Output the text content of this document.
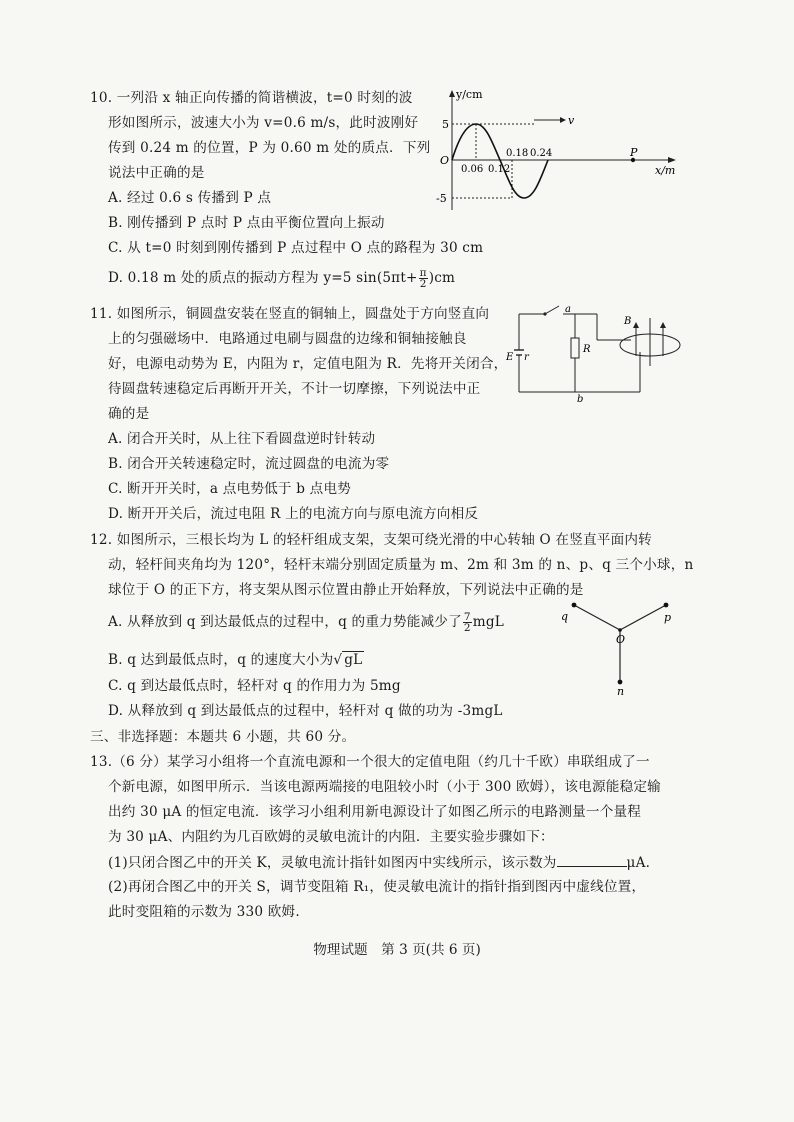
10. 一列沿 x 轴正向传播的简谐横波，t=0 时刻的波
形如图所示，波速大小为 v=0.6 m/s，此时波刚好
传到 0.24 m 的位置，P 为 0.60 m 处的质点．下列
说法中正确的是
A. 经过 0.6 s 传播到 P 点
B. 刚传播到 P 点时 P 点由平衡位置向上振动
C. 从 t=0 时刻到刚传播到 P 点过程中 O 点的路程为 30 cm
D. 0.18 m 处的质点的振动方程为 y=5 $\sin(5\pi t+ \frac{\pi}{2} )cm$
y/cm
x/m
O
5
-5
0.06 0.12
0.18 0.24
v
P
11. 如图所示，铜圆盘安装在竖直的铜轴上，圆盘处于方向竖直向
上的匀强磁场中．电路通过电刷与圆盘的边缘和铜轴接触良
好，电源电动势为 E，内阻为 r，定值电阻为 R．先将开关闭合，
待圆盘转速稳定后再断开开关，不计一切摩擦，下列说法中正
确的是
A. 闭合开关时，从上往下看圆盘逆时针转动
B. 闭合开关转速稳定时，流过圆盘的电流为零
C. 断开开关时，a 点电势低于 b 点电势
D. 断开开关后，流过电阻 R 上的电流方向与原电流方向相反
a
b
R
E r
B
12. 如图所示，三根长均为 L 的轻杆组成支架，支架可绕光滑的中心转轴 O 在竖直平面内转
动，轻杆间夹角均为 120°，轻杆末端分别固定质量为 m、2m 和 3m 的 n、p、q 三个小球，n
球位于 O 的正下方，将支架从图示位置由静止开始释放，下列说法中正确的是
A. 从释放到 q 到达最低点的过程中，q 的重力势能减少了 $\frac{7}{2}$ mgL
B. q 达到最低点时，q 的速度大小为√ gL
C. q 到达最低点时，轻杆对 q 的作用力为 5mg
D. 从释放到 q 到达最低点的过程中，轻杆对 q 做的功为 -3mgL
q	p
O
n
三、非选择题：本题共 6 小题，共 60 分。
13.（6 分）某学习小组将一个直流电源和一个很大的定值电阻（约几十千欧）串联组成了一
个新电源，如图甲所示．当该电源两端接的电阻较小时（小于 300 欧姆），该电源能稳定输
出约 30 μA 的恒定电流．该学习小组利用新电源设计了如图乙所示的电路测量一个量程
为 30 μA、内阻约为几百欧姆的灵敏电流计的内阻．主要实验步骤如下：
(1)只闭合图乙中的开关 K，灵敏电流计指针如图丙中实线所示，该示数为	μA.
(2)再闭合图乙中的开关 S，调节变阻箱 R₁，使灵敏电流计的指针指到图丙中虚线位置，
此时变阻箱的示数为 330 欧姆.
物理试题　第 3 页(共 6 页)
